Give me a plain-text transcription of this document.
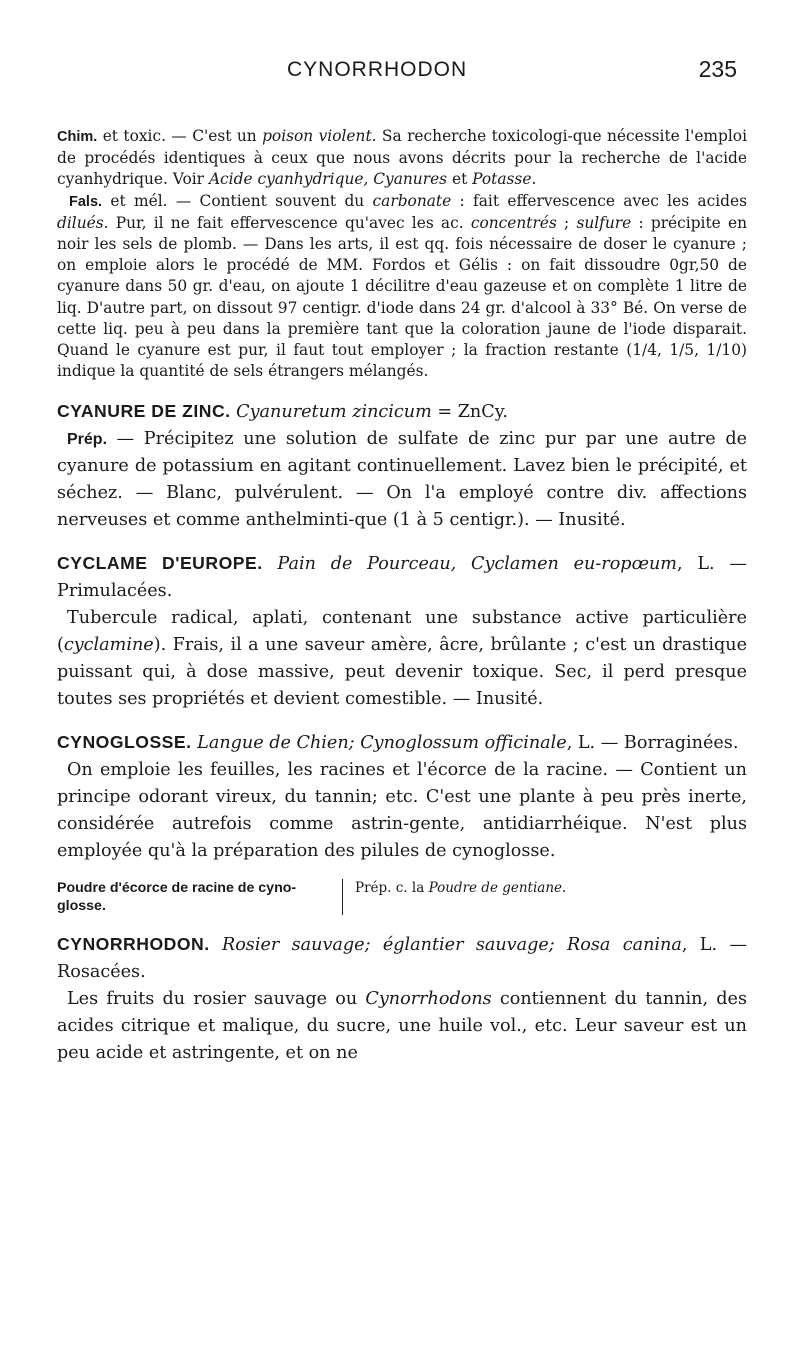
CYNORRHODON	235

Chim. et toxic. — C'est un poison violent. Sa recherche toxicologi-que nécessite l'emploi de procédés identiques à ceux que nous avons décrits pour la recherche de l'acide cyanhydrique. Voir Acide cyanhydrique, Cyanures et Potasse.

Fals. et mél. — Contient souvent du carbonate : fait effervescence avec les acides dilués. Pur, il ne fait effervescence qu'avec les ac. concentrés ; sulfure : précipite en noir les sels de plomb. — Dans les arts, il est qq. fois nécessaire de doser le cyanure ; on emploie alors le procédé de MM. Fordos et Gélis : on fait dissoudre 0gr,50 de cyanure dans 50 gr. d'eau, on ajoute 1 décilitre d'eau gazeuse et on complète 1 litre de liq. D'autre part, on dissout 97 centigr. d'iode dans 24 gr. d'alcool à 33° Bé. On verse de cette liq. peu à peu dans la première tant que la coloration jaune de l'iode disparait. Quand le cyanure est pur, il faut tout employer ; la fraction restante (1/4, 1/5, 1/10) indique la quantité de sels étrangers mélangés.

CYANURE DE ZINC. Cyanuretum zincicum = ZnCy.

Prép. — Précipitez une solution de sulfate de zinc pur par une autre de cyanure de potassium en agitant continuellement. Lavez bien le précipité, et séchez. — Blanc, pulvérulent. — On l'a employé contre div. affections nerveuses et comme anthelminti-que (1 à 5 centigr.). — Inusité.

CYCLAME D'EUROPE. Pain de Pourceau, Cyclamen eu-ropœum, L. — Primulacées.

Tubercule radical, aplati, contenant une substance active particulière (cyclamine). Frais, il a une saveur amère, âcre, brûlante ; c'est un drastique puissant qui, à dose massive, peut devenir toxique. Sec, il perd presque toutes ses propriétés et devient comestible. — Inusité.

CYNOGLOSSE. Langue de Chien; Cynoglossum officinale, L. — Borraginées.

On emploie les feuilles, les racines et l'écorce de la racine. — Contient un principe odorant vireux, du tannin; etc. C'est une plante à peu près inerte, considérée autrefois comme astrin-gente, antidiarrhéique. N'est plus employée qu'à la préparation des pilules de cynoglosse.

Poudre d'écorce de racine de cyno-glosse.
Prép. c. la Poudre de gentiane.

CYNORRHODON. Rosier sauvage; églantier sauvage; Rosa canina, L. — Rosacées.

Les fruits du rosier sauvage ou Cynorrhodons contiennent du tannin, des acides citrique et malique, du sucre, une huile vol., etc. Leur saveur est un peu acide et astringente, et on ne
